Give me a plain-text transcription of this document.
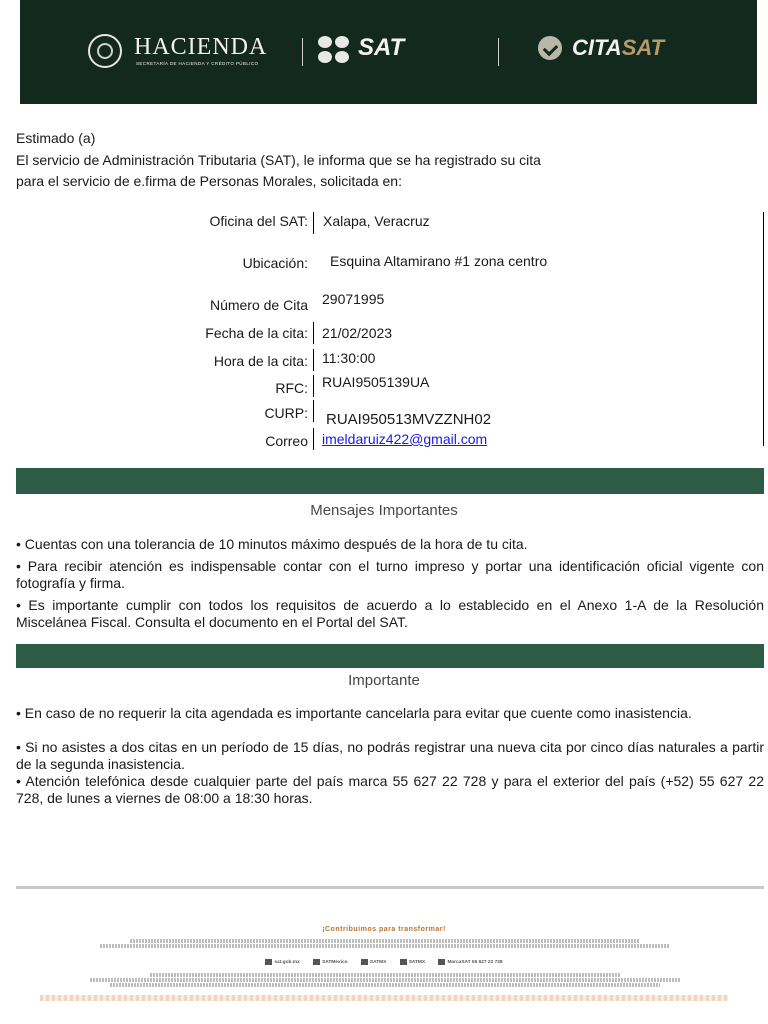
HACIENDA
SECRETARÍA DE HACIENDA Y CRÉDITO PÚBLICO
SAT	CITASAT
Estimado (a)
El servicio de Administración Tributaria (SAT), le informa que se ha registrado su cita
para el servicio de e.firma de Personas Morales, solicitada en:
Oficina del SAT: Xalapa, Veracruz
Ubicación: Esquina Altamirano #1 zona centro
Número de Cita 29071995
Fecha de la cita: 21/02/2023
Hora de la cita: 11:30:00
RFC: RUAI9505139UA
CURP: RUAI950513MVZZNH02
Correo imeldaruiz422@gmail.com
Mensajes Importantes
• Cuentas con una tolerancia de 10 minutos máximo después de la hora de tu cita.
• Para recibir atención es indispensable contar con el turno impreso y portar una identificación oficial vigente con fotografía y firma.
• Es importante cumplir con todos los requisitos de acuerdo a lo establecido en el Anexo 1-A de la Resolución Miscelánea Fiscal. Consulta el documento en el Portal del SAT.
Importante
• En caso de no requerir la cita agendada es importante cancelarla para evitar que cuente como inasistencia.
• Si no asistes a dos citas en un período de 15 días, no podrás registrar una nueva cita por cinco días naturales a partir de la segunda inasistencia.
• Atención telefónica desde cualquier parte del país marca 55 627 22 728 y para el exterior del país (+52) 55 627 22 728, de lunes a viernes de 08:00 a 18:30 horas.
¡Contribuimos para transformar!
sat.gob.mx	SATMexico	SATMX	SATMX	MarcaSAT 55 627 22 728
